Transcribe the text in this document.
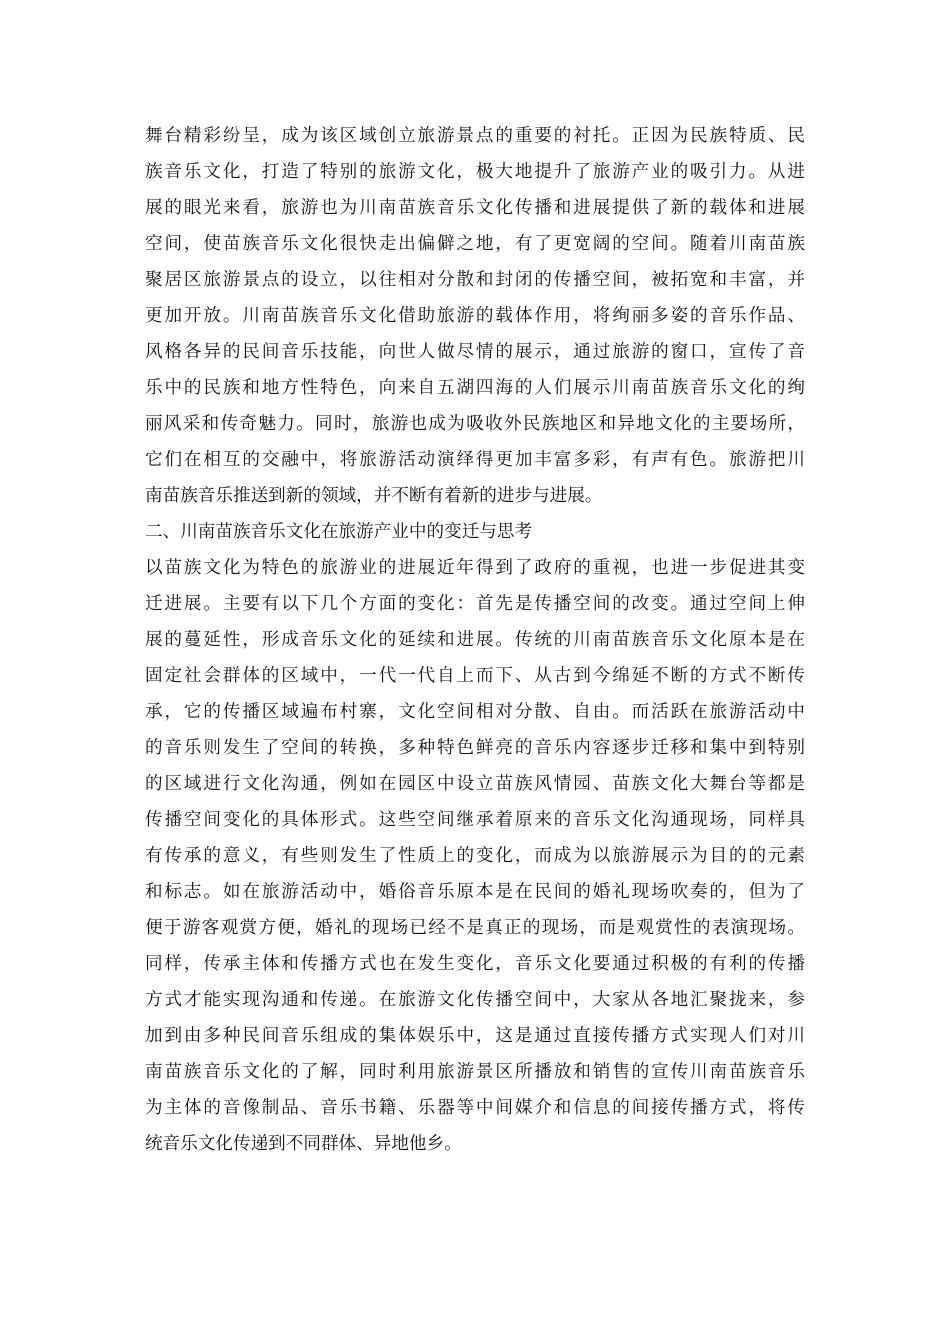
舞台精彩纷呈，成为该区域创立旅游景点的重要的衬托。正因为民族特质、民
族音乐文化，打造了特别的旅游文化，极大地提升了旅游产业的吸引力。从进
展的眼光来看，旅游也为川南苗族音乐文化传播和进展提供了新的载体和进展
空间，使苗族音乐文化很快走出偏僻之地，有了更宽阔的空间。随着川南苗族
聚居区旅游景点的设立，以往相对分散和封闭的传播空间，被拓宽和丰富，并
更加开放。川南苗族音乐文化借助旅游的载体作用，将绚丽多姿的音乐作品、
风格各异的民间音乐技能，向世人做尽情的展示，通过旅游的窗口，宣传了音
乐中的民族和地方性特色，向来自五湖四海的人们展示川南苗族音乐文化的绚
丽风采和传奇魅力。同时，旅游也成为吸收外民族地区和异地文化的主要场所，
它们在相互的交融中，将旅游活动演绎得更加丰富多彩，有声有色。旅游把川
南苗族音乐推送到新的领域，并不断有着新的进步与进展。
二、川南苗族音乐文化在旅游产业中的变迁与思考
以苗族文化为特色的旅游业的进展近年得到了政府的重视，也进一步促进其变
迁进展。主要有以下几个方面的变化：首先是传播空间的改变。通过空间上伸
展的蔓延性，形成音乐文化的延续和进展。传统的川南苗族音乐文化原本是在
固定社会群体的区域中，一代一代自上而下、从古到今绵延不断的方式不断传
承，它的传播区域遍布村寨，文化空间相对分散、自由。而活跃在旅游活动中
的音乐则发生了空间的转换，多种特色鲜亮的音乐内容逐步迁移和集中到特别
的区域进行文化沟通，例如在园区中设立苗族风情园、苗族文化大舞台等都是
传播空间变化的具体形式。这些空间继承着原来的音乐文化沟通现场，同样具
有传承的意义，有些则发生了性质上的变化，而成为以旅游展示为目的的元素
和标志。如在旅游活动中，婚俗音乐原本是在民间的婚礼现场吹奏的，但为了
便于游客观赏方便，婚礼的现场已经不是真正的现场，而是观赏性的表演现场。
同样，传承主体和传播方式也在发生变化，音乐文化要通过积极的有利的传播
方式才能实现沟通和传递。在旅游文化传播空间中，大家从各地汇聚拢来，参
加到由多种民间音乐组成的集体娱乐中，这是通过直接传播方式实现人们对川
南苗族音乐文化的了解，同时利用旅游景区所播放和销售的宣传川南苗族音乐
为主体的音像制品、音乐书籍、乐器等中间媒介和信息的间接传播方式，将传
统音乐文化传递到不同群体、异地他乡。
